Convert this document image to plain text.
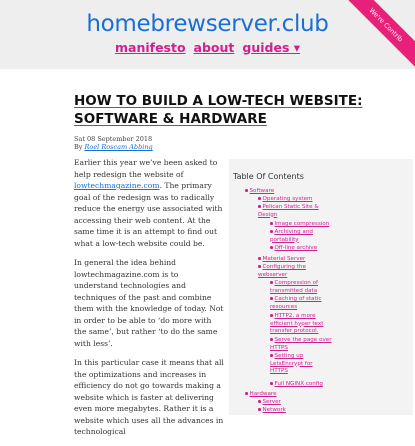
homebrewserver.club
manifesto about guides ▾
We're Contrib
HOW TO BUILD A LOW-TECH WEBSITE: SOFTWARE & HARDWARE
Sat 08 September 2018
By Roel Roscam Abbing

Earlier this year we’ve been asked to help redesign the website of lowtechmagazine.com. The primary goal of the redesign was to radically reduce the energy use associated with accessing their web content. At the same time it is an attempt to find out what a low-tech website could be.

In general the idea behind lowtechmagazine.com is to understand technologies and techniques of the past and combine them with the knowledge of today. Not in order to be able to ‘do more with the same’, but rather ‘to do the same with less’.

In this particular case it means that all the optimizations and increases in efficiency do not go towards making a website which is faster at delivering even more megabytes. Rather it is a website which uses all the advances in technological

Table Of Contents
Software
Operating system
Pelican Static Site & Design
Image compression
Archiving and portability
Off-line archive
Material Server
Configuring the webserver
Compression of transmitted data
Caching of static resources
HTTP2, a more efficient hyper text transfer protocol.
Serve the page over HTTPS
Setting up LetsEncrypt for HTTPS
Full NGINX config
Hardware
Server
Network
